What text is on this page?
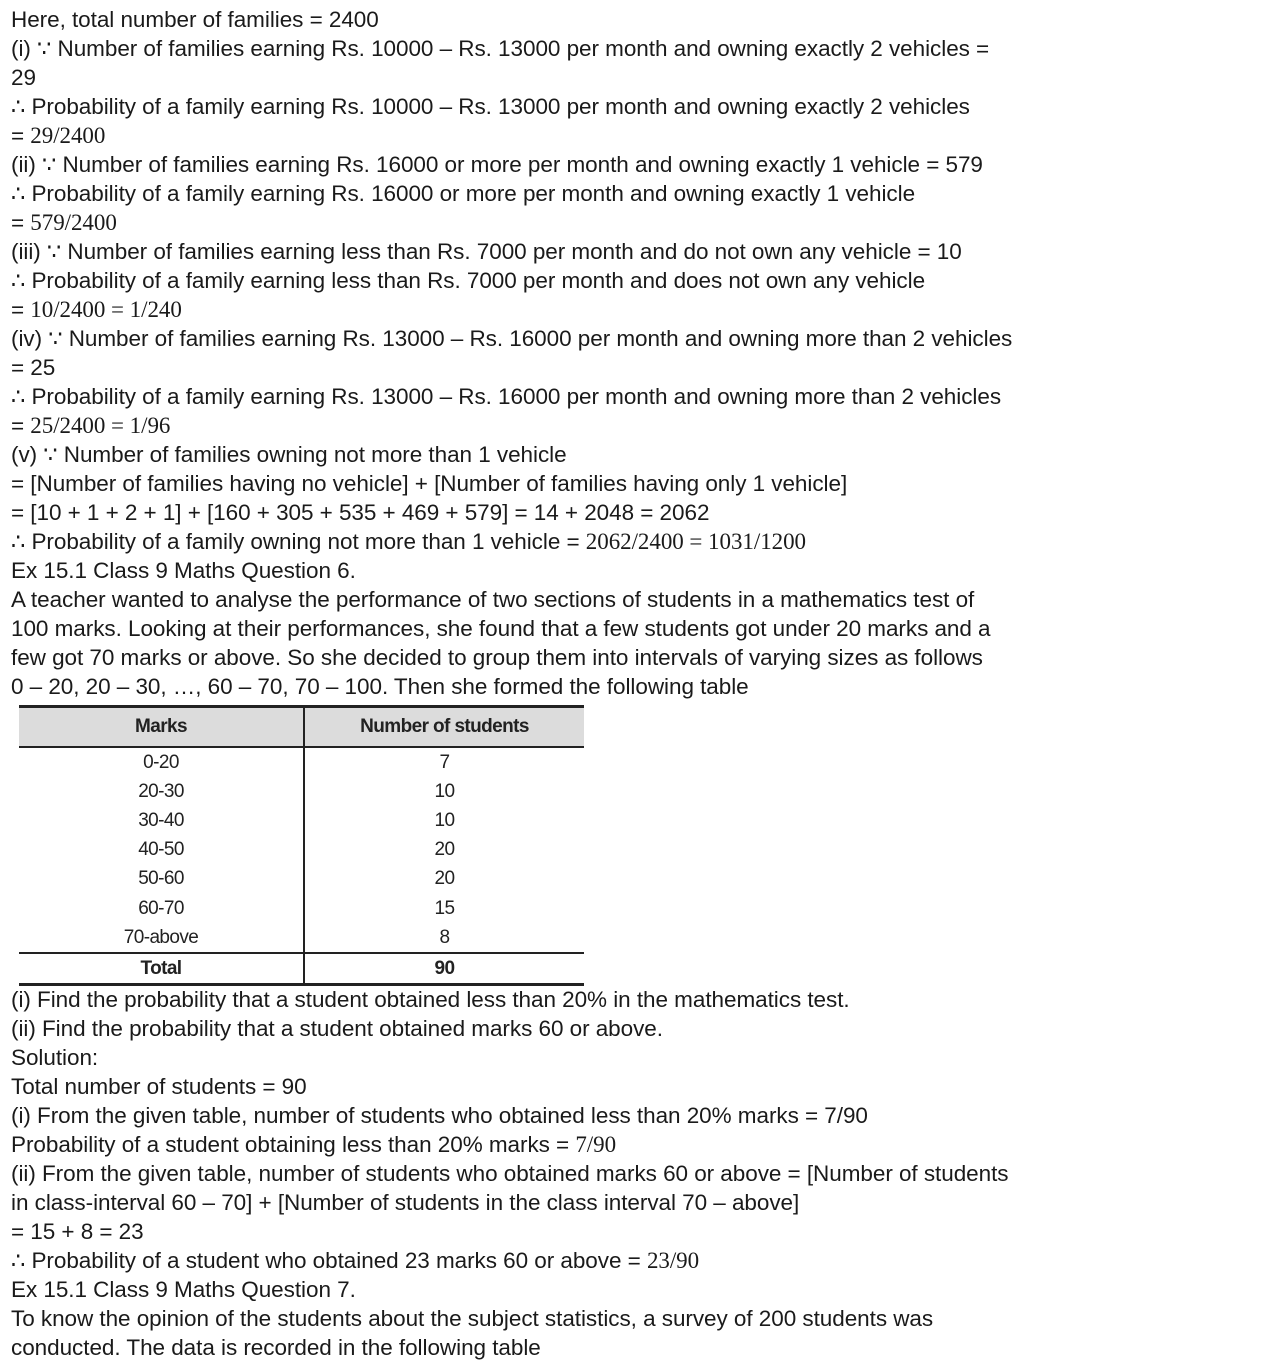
Here, total number of families = 2400
(i) ∵ Number of families earning Rs. 10000 – Rs. 13000 per month and owning exactly 2 vehicles =
29
∴ Probability of a family earning Rs. 10000 – Rs. 13000 per month and owning exactly 2 vehicles
= 29/2400
(ii) ∵ Number of families earning Rs. 16000 or more per month and owning exactly 1 vehicle = 579
∴ Probability of a family earning Rs. 16000 or more per month and owning exactly 1 vehicle
= 579/2400
(iii) ∵ Number of families earning less than Rs. 7000 per month and do not own any vehicle = 10
∴ Probability of a family earning less than Rs. 7000 per month and does not own any vehicle
= 10/2400 = 1/240
(iv) ∵ Number of families earning Rs. 13000 – Rs. 16000 per month and owning more than 2 vehicles
= 25
∴ Probability of a family earning Rs. 13000 – Rs. 16000 per month and owning more than 2 vehicles
= 25/2400 = 1/96
(v) ∵ Number of families owning not more than 1 vehicle
= [Number of families having no vehicle] + [Number of families having only 1 vehicle]
= [10 + 1 + 2 + 1] + [160 + 305 + 535 + 469 + 579] = 14 + 2048 = 2062
∴ Probability of a family owning not more than 1 vehicle = 2062/2400 = 1031/1200
Ex 15.1 Class 9 Maths Question 6.
A teacher wanted to analyse the performance of two sections of students in a mathematics test of
100 marks. Looking at their performances, she found that a few students got under 20 marks and a
few got 70 marks or above. So she decided to group them into intervals of varying sizes as follows
0 – 20, 20 – 30, …, 60 – 70, 70 – 100. Then she formed the following table
Marks	Number of students
0-20	7
20-30	10
30-40	10
40-50	20
50-60	20
60-70	15
70-above	8
Total	90
(i) Find the probability that a student obtained less than 20% in the mathematics test.
(ii) Find the probability that a student obtained marks 60 or above.
Solution:
Total number of students = 90
(i) From the given table, number of students who obtained less than 20% marks = 7/90
Probability of a student obtaining less than 20% marks = 7/90
(ii) From the given table, number of students who obtained marks 60 or above = [Number of students
in class-interval 60 – 70] + [Number of students in the class interval 70 – above]
= 15 + 8 = 23
∴ Probability of a student who obtained 23 marks 60 or above = 23/90
Ex 15.1 Class 9 Maths Question 7.
To know the opinion of the students about the subject statistics, a survey of 200 students was
conducted. The data is recorded in the following table
